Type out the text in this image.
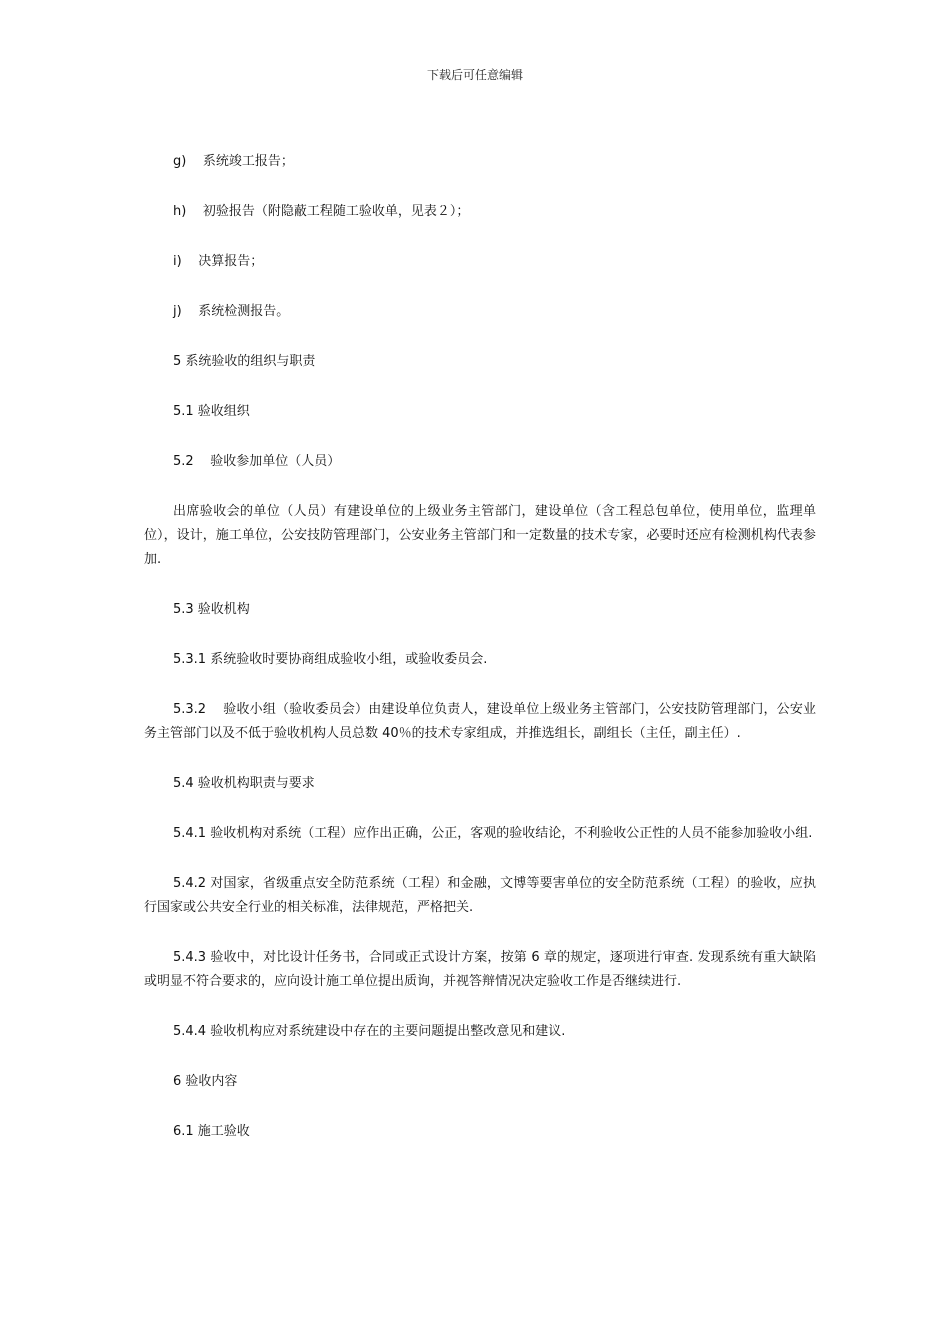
下载后可任意编辑

g)    系统竣工报告；

h)    初验报告（附隐蔽工程随工验收单，见表２）；

i)    决算报告；

j)    系统检测报告。

5 系统验收的组织与职责

5.1 验收组织

5.2    验收参加单位（人员）

出席验收会的单位（人员）有建设单位的上级业务主管部门，建设单位（含工程总包单位，使用单位，监理单位），设计，施工单位，公安技防管理部门，公安业务主管部门和一定数量的技术专家，必要时还应有检测机构代表参加.

5.3 验收机构

5.3.1 系统验收时要协商组成验收小组，或验收委员会.

5.3.2    验收小组（验收委员会）由建设单位负责人，建设单位上级业务主管部门，公安技防管理部门，公安业务主管部门以及不低于验收机构人员总数 40％的技术专家组成，并推选组长，副组长（主任，副主任）.

5.4 验收机构职责与要求

5.4.1 验收机构对系统（工程）应作出正确，公正，客观的验收结论，不利验收公正性的人员不能参加验收小组.

5.4.2 对国家，省级重点安全防范系统（工程）和金融，文博等要害单位的安全防范系统（工程）的验收，应执行国家或公共安全行业的相关标准，法律规范，严格把关.

5.4.3 验收中，对比设计任务书，合同或正式设计方案，按第 6 章的规定，逐项进行审查. 发现系统有重大缺陷或明显不符合要求的，应向设计施工单位提出质询，并视答辩情况决定验收工作是否继续进行.

5.4.4 验收机构应对系统建设中存在的主要问题提出整改意见和建议.

6 验收内容

6.1 施工验收
